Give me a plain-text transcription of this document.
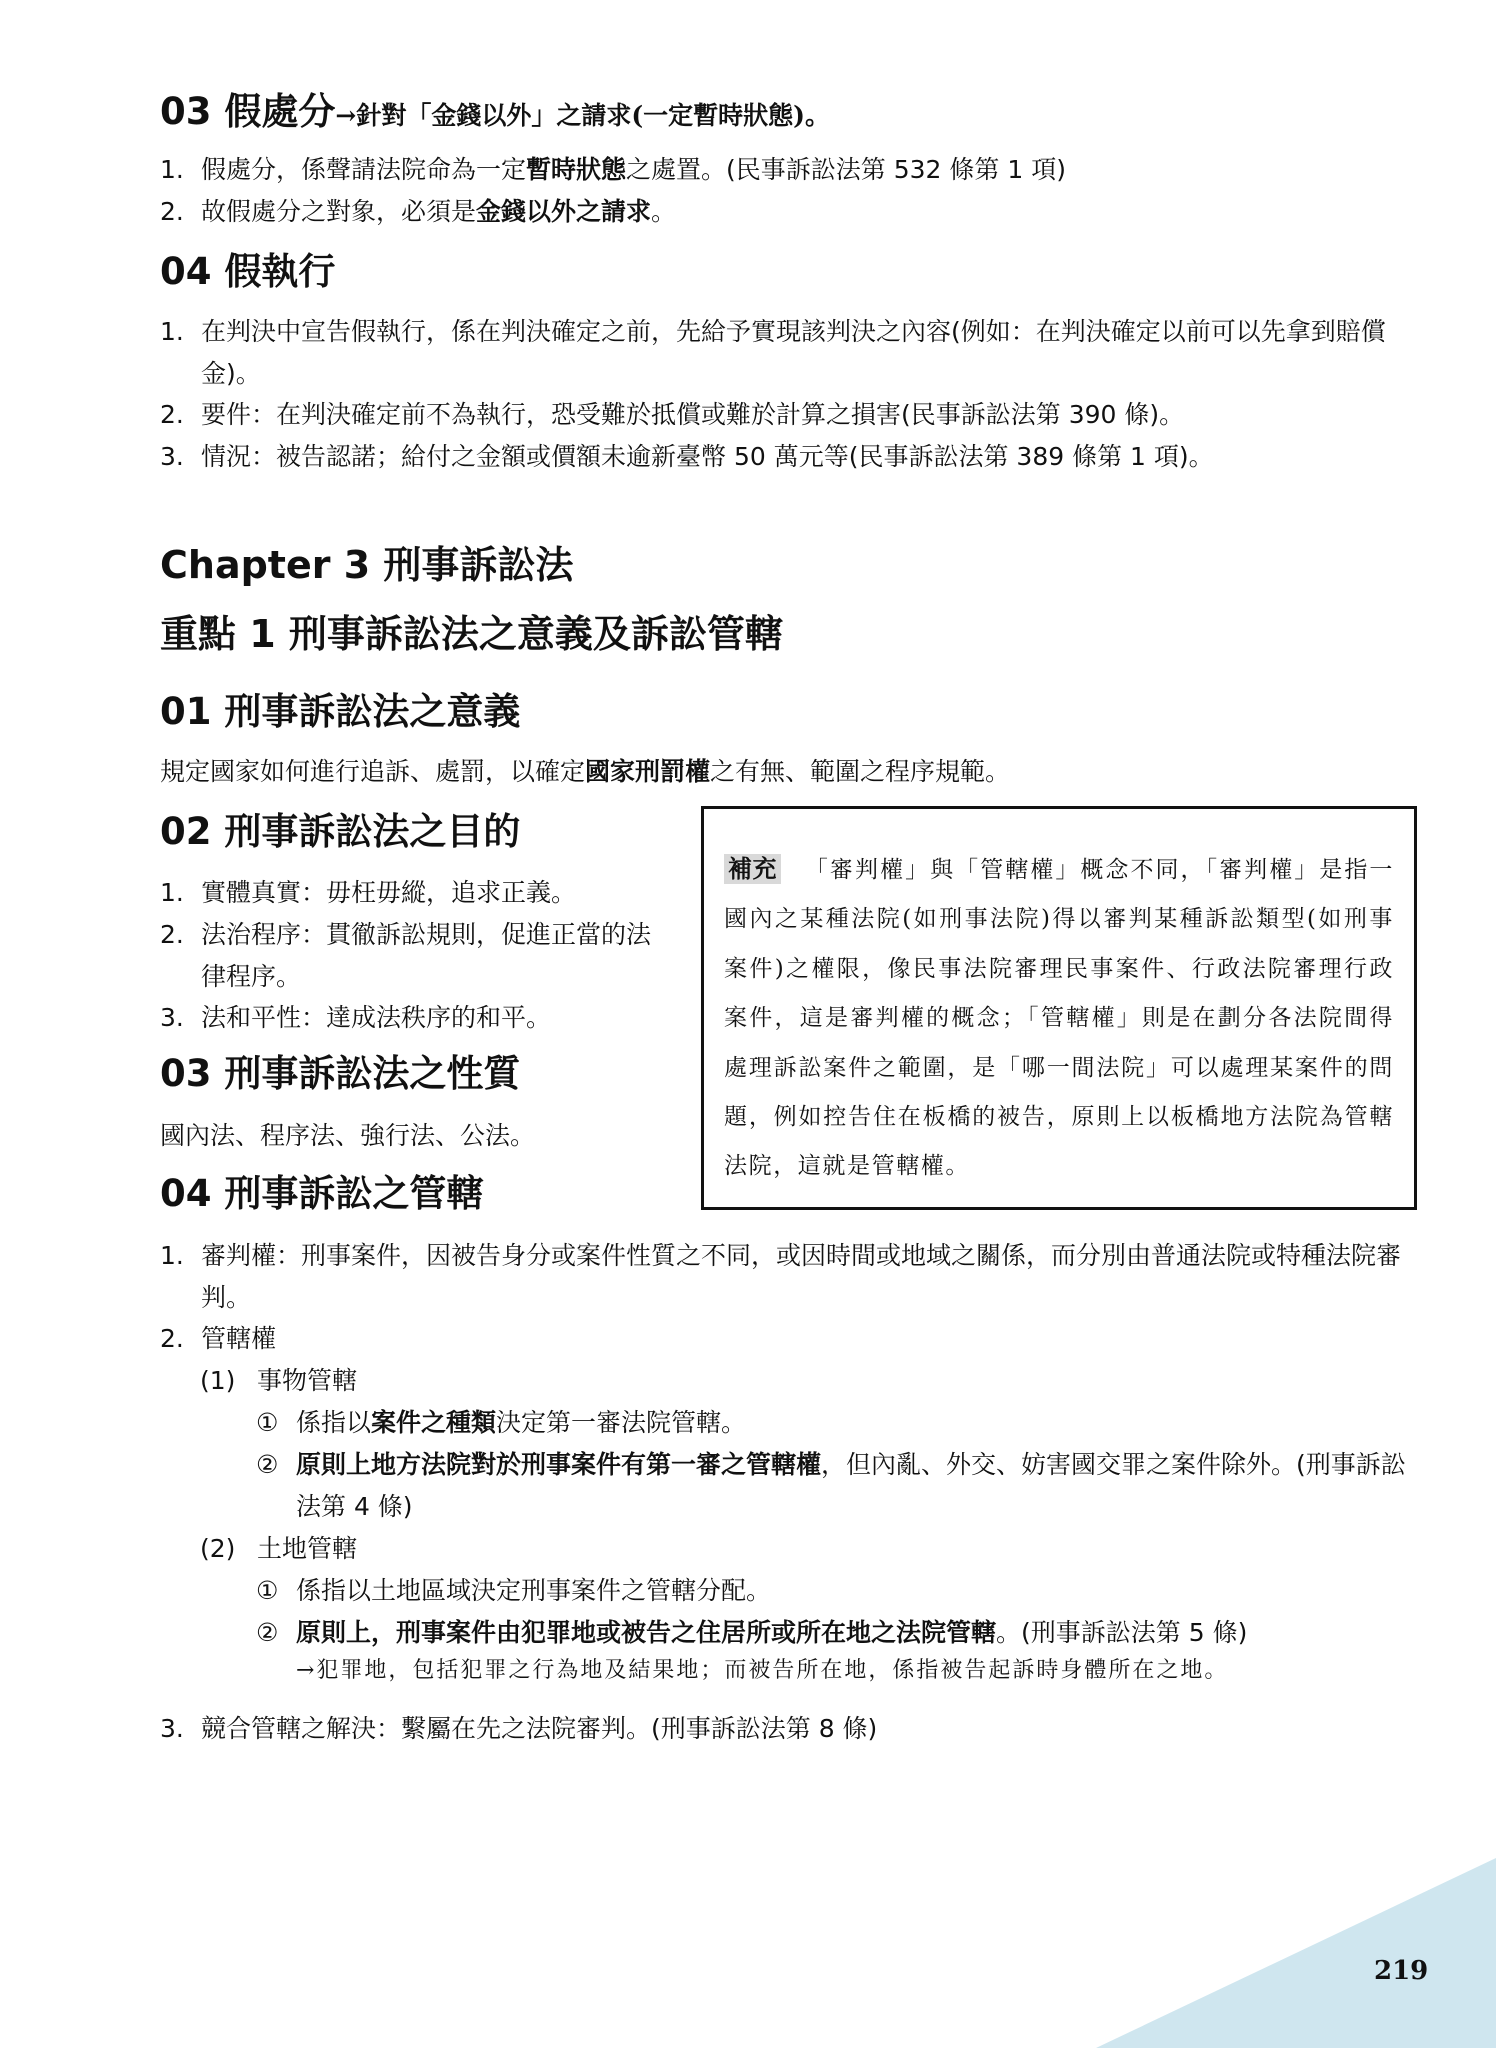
03 假處分→針對「金錢以外」之請求(一定暫時狀態)。
1. 假處分，係聲請法院命為一定暫時狀態之處置。(民事訴訟法第 532 條第 1 項)
2. 故假處分之對象，必須是金錢以外之請求。
04 假執行
1. 在判決中宣告假執行，係在判決確定之前，先給予實現該判決之內容(例如：在判決確定以前可以先拿到賠償金)。
2. 要件：在判決確定前不為執行，恐受難於抵償或難於計算之損害(民事訴訟法第 390 條)。
3. 情況：被告認諾；給付之金額或價額未逾新臺幣 50 萬元等(民事訴訟法第 389 條第 1 項)。
Chapter 3 刑事訴訟法
重點 1 刑事訴訟法之意義及訴訟管轄
01 刑事訴訟法之意義
規定國家如何進行追訴、處罰，以確定國家刑罰權之有無、範圍之程序規範。
02 刑事訴訟法之目的
1. 實體真實：毋枉毋縱，追求正義。
2. 法治程序：貫徹訴訟規則，促進正當的法律程序。
3. 法和平性：達成法秩序的和平。
03 刑事訴訟法之性質
國內法、程序法、強行法、公法。
補充 「審判權」與「管轄權」概念不同，「審判權」是指一國內之某種法院(如刑事法院)得以審判某種訴訟類型(如刑事案件)之權限，像民事法院審理民事案件、行政法院審理行政案件，這是審判權的概念；「管轄權」則是在劃分各法院間得處理訴訟案件之範圍，是「哪一間法院」可以處理某案件的問題，例如控告住在板橋的被告，原則上以板橋地方法院為管轄法院，這就是管轄權。
04 刑事訴訟之管轄
1. 審判權：刑事案件，因被告身分或案件性質之不同，或因時間或地域之關係，而分別由普通法院或特種法院審判。
2. 管轄權
(1) 事物管轄
① 係指以案件之種類決定第一審法院管轄。
② 原則上地方法院對於刑事案件有第一審之管轄權，但內亂、外交、妨害國交罪之案件除外。(刑事訴訟法第 4 條)
(2) 土地管轄
① 係指以土地區域決定刑事案件之管轄分配。
② 原則上，刑事案件由犯罪地或被告之住居所或所在地之法院管轄。(刑事訴訟法第 5 條)
→犯罪地，包括犯罪之行為地及結果地；而被告所在地，係指被告起訴時身體所在之地。
3. 競合管轄之解決：繫屬在先之法院審判。(刑事訴訟法第 8 條)
219
